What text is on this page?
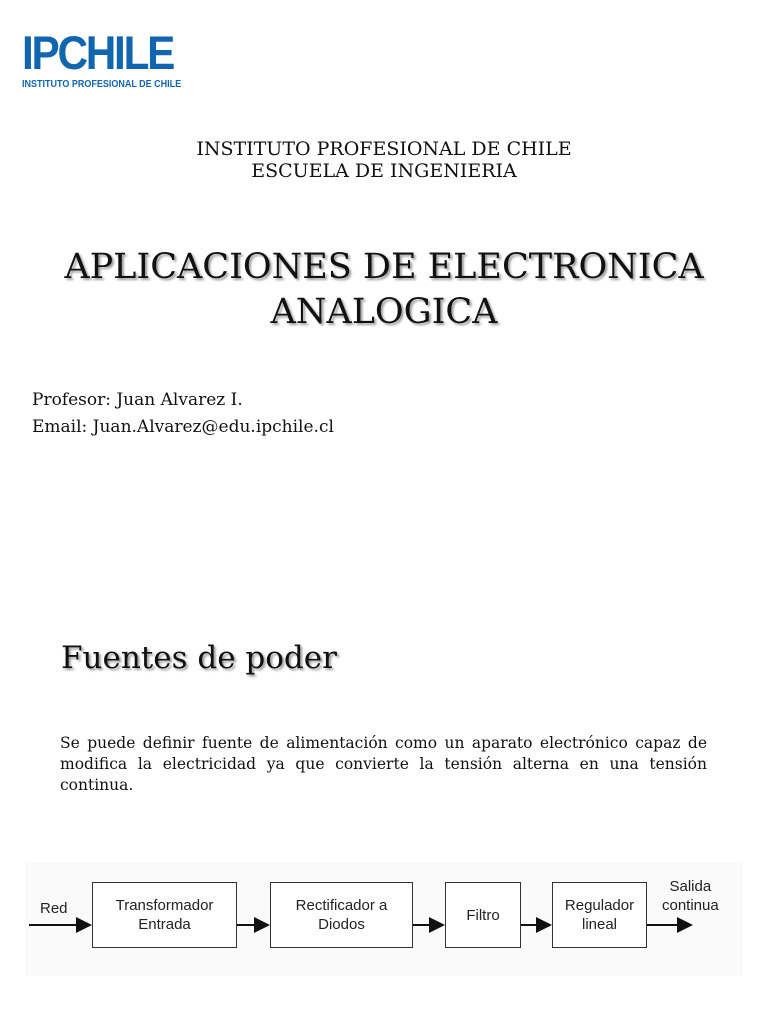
IPCHILE
INSTITUTO PROFESIONAL DE CHILE
INSTITUTO PROFESIONAL DE CHILE
ESCUELA DE INGENIERIA
APLICACIONES DE ELECTRONICA
ANALOGICA
Profesor: Juan Alvarez I.
Email: Juan.Alvarez@edu.ipchile.cl
Fuentes de poder
Se puede definir fuente de alimentación como un aparato electrónico capaz de modifica la electricidad ya que convierte la tensión alterna en una tensión continua.
Red	Transformador
Entrada
Rectificador a
Diodos
Filtro
Regulador
lineal
Salida
continua
